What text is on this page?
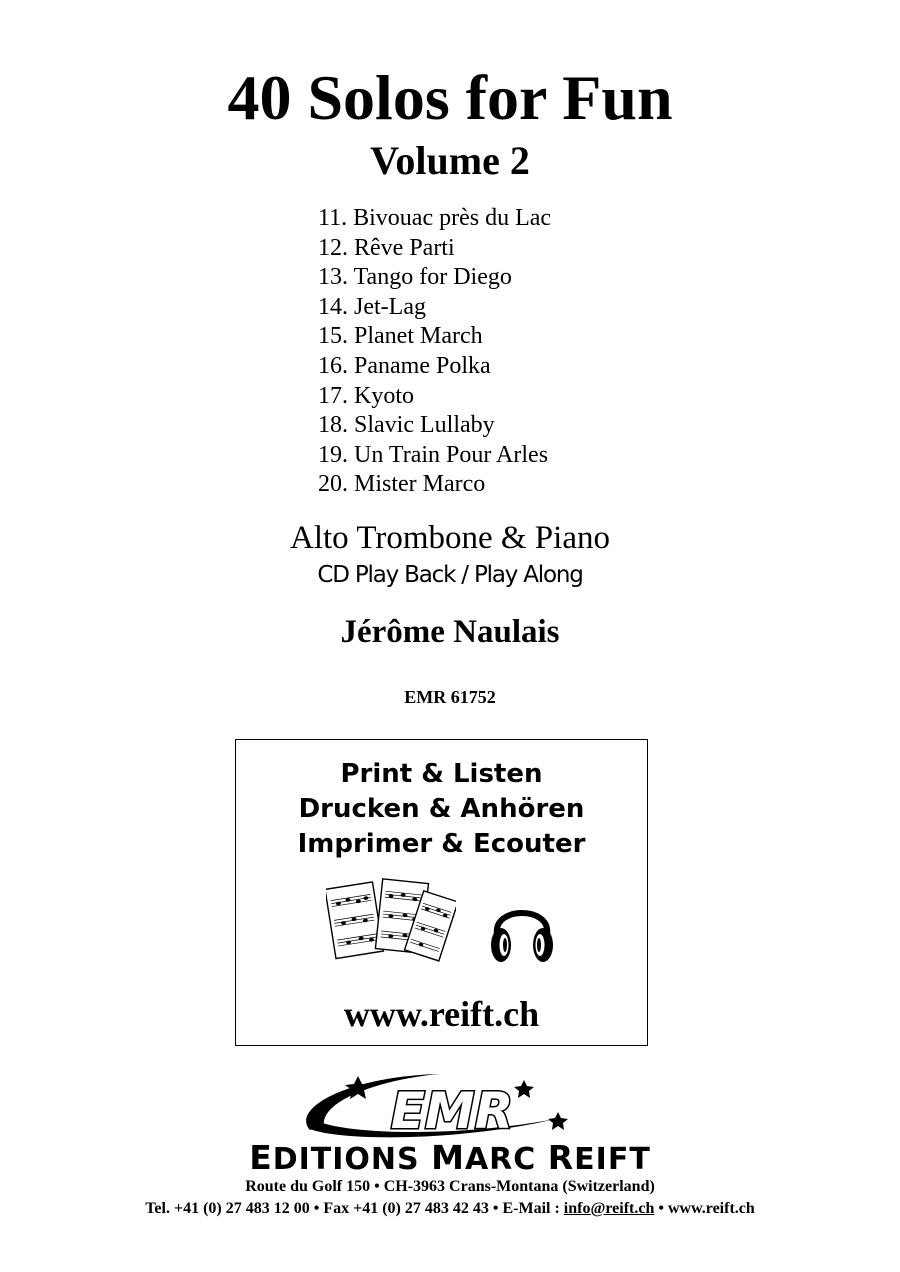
40 Solos for Fun
Volume 2
11. Bivouac près du Lac
12. Rêve Parti
13. Tango for Diego
14. Jet-Lag
15. Planet March
16. Paname Polka
17. Kyoto
18. Slavic Lullaby
19. Un Train Pour Arles
20. Mister Marco
Alto Trombone & Piano
CD Play Back / Play Along
Jérôme Naulais
EMR 61752
Print & Listen
Drucken & Anhören
Imprimer & Ecouter
www.reift.ch
EMR
EDITIONS MARC REIFT
Route du Golf 150 • CH-3963 Crans-Montana (Switzerland)
Tel. +41 (0) 27 483 12 00 • Fax +41 (0) 27 483 42 43 • E-Mail : info@reift.ch • www.reift.ch
